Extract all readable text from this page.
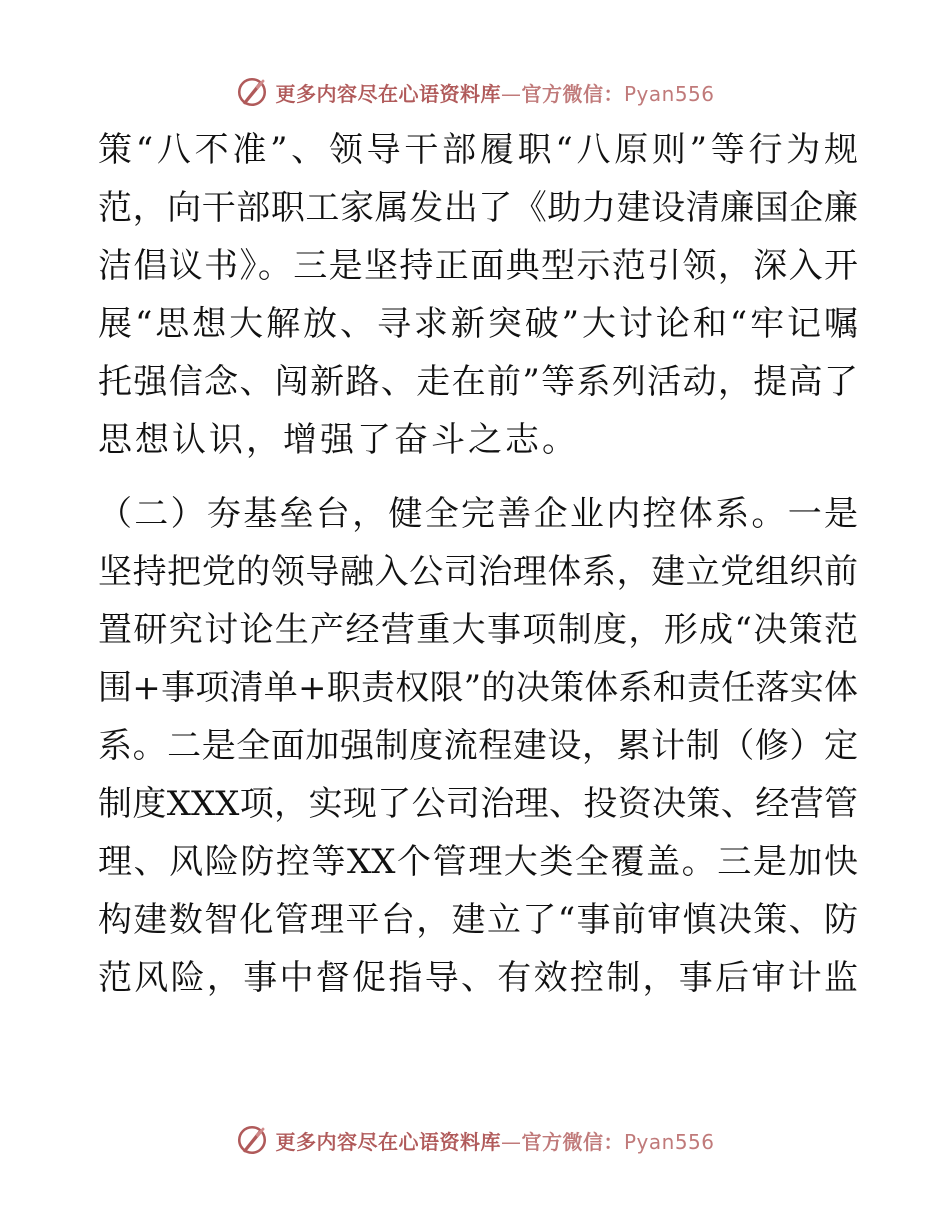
更多内容尽在心语资料库—官方微信：Pyan556
策“八不准”、领导干部履职“八原则”等行为规
范，向干部职工家属发出了《助力建设清廉国企廉
洁倡议书》。三是坚持正面典型示范引领，深入开
展“思想大解放、寻求新突破”大讨论和“牢记嘱
托强信念、闯新路、走在前”等系列活动，提高了
思想认识，增强了奋斗之志。
（二）夯基垒台，健全完善企业内控体系。一是
坚持把党的领导融入公司治理体系，建立党组织前
置研究讨论生产经营重大事项制度，形成“决策范
围+事项清单+职责权限”的决策体系和责任落实体
系。二是全面加强制度流程建设，累计制（修）定
制度XXX项，实现了公司治理、投资决策、经营管
理、风险防控等XX个管理大类全覆盖。三是加快
构建数智化管理平台，建立了“事前审慎决策、防
范风险，事中督促指导、有效控制，事后审计监
更多内容尽在心语资料库—官方微信：Pyan556
